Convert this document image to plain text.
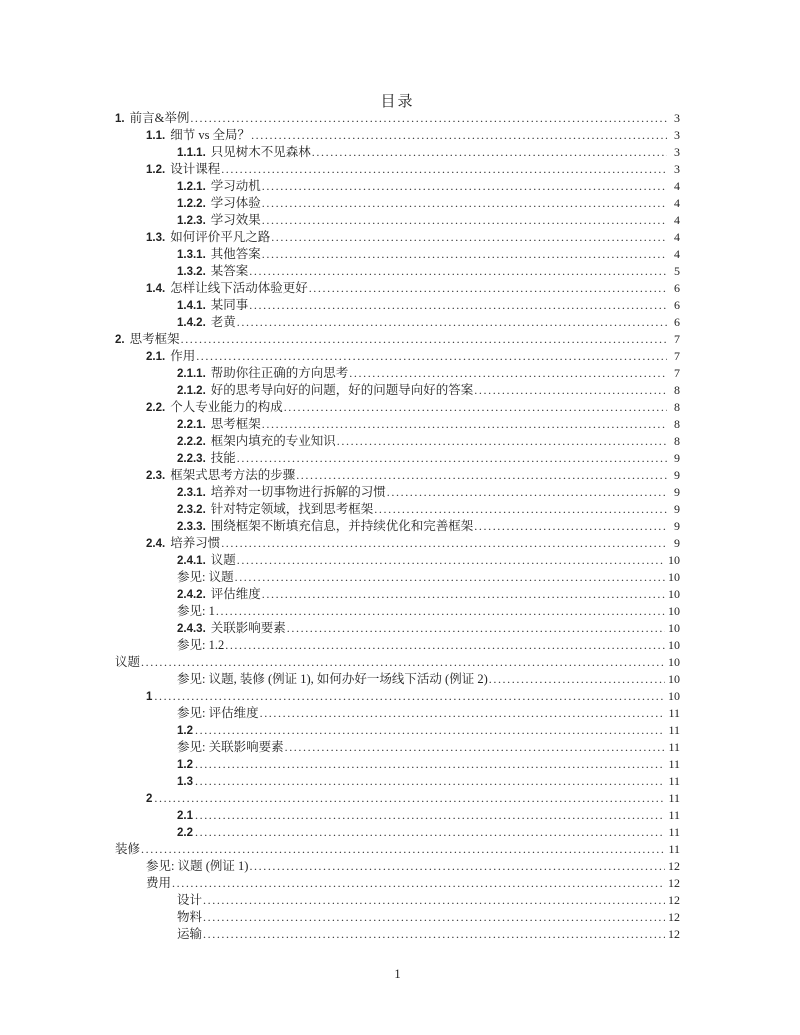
目录
1. 前言&举例 .....	3
1.1. 细节 vs 全局？ .....	3
1.1.1. 只见树木不见森林 .....	3
1.2. 设计课程 .....	3
1.2.1. 学习动机 .....	4
1.2.2. 学习体验 .....	4
1.2.3. 学习效果 .....	4
1.3. 如何评价平凡之路 .....	4
1.3.1. 其他答案 .....	4
1.3.2. 某答案 .....	5
1.4. 怎样让线下活动体验更好 .....	6
1.4.1. 某同事 .....	6
1.4.2. 老黄 .....	6
2. 思考框架 .....	7
2.1. 作用 .....	7
2.1.1. 帮助你往正确的方向思考 .....	7
2.1.2. 好的思考导向好的问题，好的问题导向好的答案 .....	8
2.2. 个人专业能力的构成 .....	8
2.2.1. 思考框架 .....	8
2.2.2. 框架内填充的专业知识 .....	8
2.2.3. 技能 .....	9
2.3. 框架式思考方法的步骤 .....	9
2.3.1. 培养对一切事物进行拆解的习惯 .....	9
2.3.2. 针对特定领域，找到思考框架 .....	9
2.3.3. 围绕框架不断填充信息，并持续优化和完善框架 .....	9
2.4. 培养习惯 .....	9
2.4.1. 议题 .....	10
参见: 议题 .....	10
2.4.2. 评估维度 .....	10
参见: 1 .....	10
2.4.3. 关联影响要素 .....	10
参见: 1.2 .....	10
议题 .....	10
参见: 议题, 装修 (例证 1), 如何办好一场线下活动 (例证 2) .....	10
1 .....	10
参见: 评估维度 .....	11
1.2 .....	11
参见: 关联影响要素 .....	11
1.2 .....	11
1.3 .....	11
2 .....	11
2.1 .....	11
2.2 .....	11
装修 .....	11
参见: 议题 (例证 1) .....	12
费用 .....	12
设计 .....	12
物料 .....	12
运输 .....	12
1
